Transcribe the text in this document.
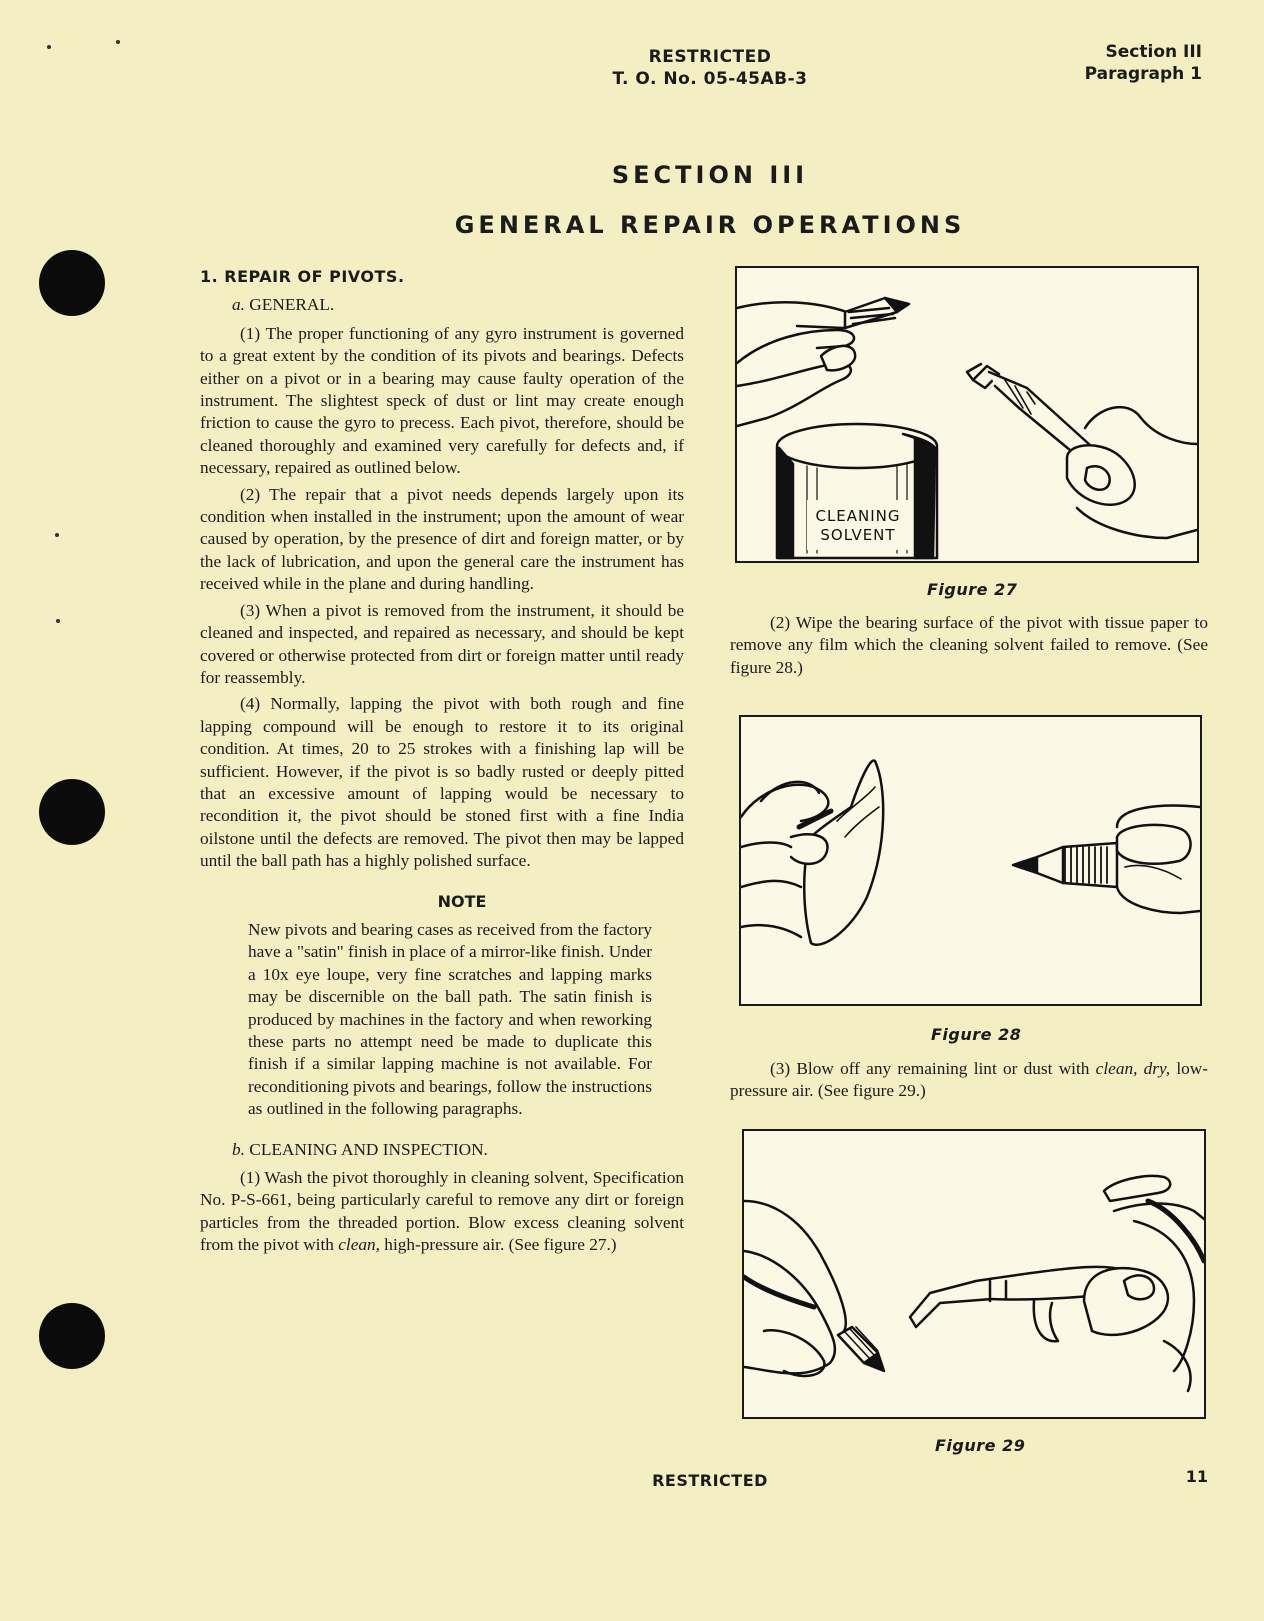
RESTRICTED
T. O. No. 05-45AB-3
Section III
Paragraph 1
SECTION III
GENERAL REPAIR OPERATIONS

1. REPAIR OF PIVOTS.

a. GENERAL.

(1) The proper functioning of any gyro instrument is governed to a great extent by the condition of its pivots and bearings. Defects either on a pivot or in a bearing may cause faulty operation of the instrument. The slightest speck of dust or lint may create enough friction to cause the gyro to precess. Each pivot, therefore, should be cleaned thoroughly and examined very carefully for defects and, if necessary, repaired as outlined below.

(2) The repair that a pivot needs depends largely upon its condition when installed in the instrument; upon the amount of wear caused by operation, by the presence of dirt and foreign matter, or by the lack of lubrication, and upon the general care the instrument has received while in the plane and during handling.

(3) When a pivot is removed from the instrument, it should be cleaned and inspected, and repaired as necessary, and should be kept covered or otherwise protected from dirt or foreign matter until ready for reassembly.

(4) Normally, lapping the pivot with both rough and fine lapping compound will be enough to restore it to its original condition. At times, 20 to 25 strokes with a finishing lap will be sufficient. However, if the pivot is so badly rusted or deeply pitted that an excessive amount of lapping would be necessary to recondition it, the pivot should be stoned first with a fine India oilstone until the defects are removed. The pivot then may be lapped until the ball path has a highly polished surface.

NOTE

New pivots and bearing cases as received from the factory have a "satin" finish in place of a mirror-like finish. Under a 10x eye loupe, very fine scratches and lapping marks may be discernible on the ball path. The satin finish is produced by machines in the factory and when reworking these parts no attempt need be made to duplicate this finish if a similar lapping machine is not available. For reconditioning pivots and bearings, follow the instructions as outlined in the following paragraphs.

b. CLEANING AND INSPECTION.

(1) Wash the pivot thoroughly in cleaning solvent, Specification No. P-S-661, being particularly careful to remove any dirt or foreign particles from the threaded portion. Blow excess cleaning solvent from the pivot with clean, high-pressure air. (See figure 27.)

CLEANING
SOLVENT
Figure 27

(2) Wipe the bearing surface of the pivot with tissue paper to remove any film which the cleaning solvent failed to remove. (See figure 28.)

Figure 28

(3) Blow off any remaining lint or dust with clean, dry, low-pressure air. (See figure 29.)

Figure 29
RESTRICTED	11
